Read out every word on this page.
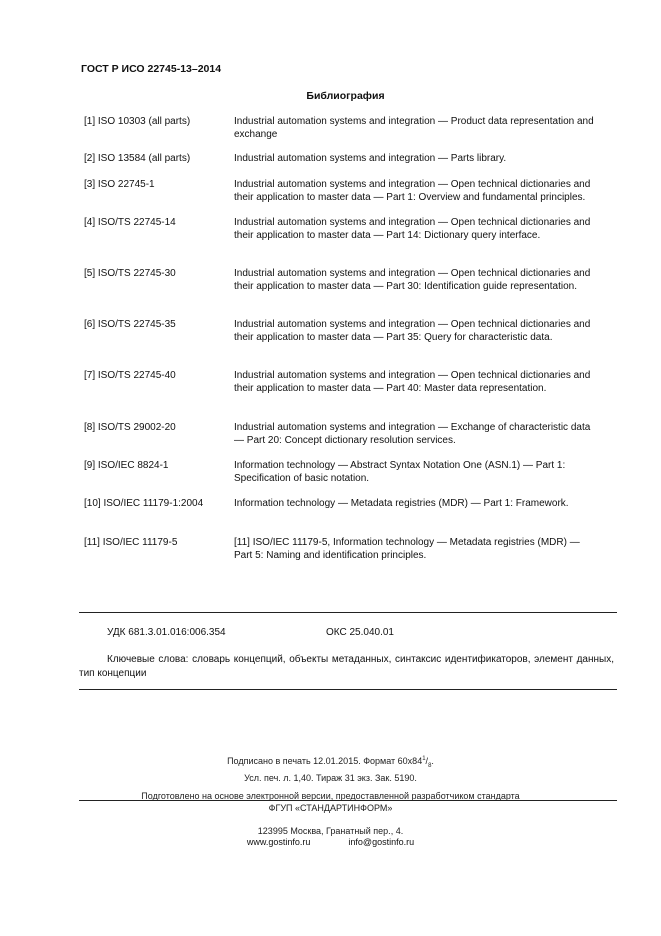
ГОСТ Р ИСО 22745-13–2014
Библиография
[1] ISO 10303 (all parts)	Industrial automation systems and integration — Product data representation and exchange
[2] ISO 13584 (all parts)	Industrial automation systems and integration — Parts library.
[3] ISO 22745-1	Industrial automation systems and integration — Open technical dictionaries and their application to master data — Part 1: Overview and fundamental principles.
[4] ISO/TS 22745-14	Industrial automation systems and integration — Open technical dictionaries and their application to master data — Part 14: Dictionary query interface.
[5] ISO/TS 22745-30	Industrial automation systems and integration — Open technical dictionaries and their application to master data — Part 30: Identification guide representation.
[6] ISO/TS 22745-35	Industrial automation systems and integration — Open technical dictionaries and their application to master data — Part 35: Query for characteristic data.
[7] ISO/TS 22745-40	Industrial automation systems and integration — Open technical dictionaries and their application to master data — Part 40: Master data representation.
[8] ISO/TS 29002-20	Industrial automation systems and integration — Exchange of characteristic data — Part 20: Concept dictionary resolution services.
[9] ISO/IEC 8824-1	Information technology — Abstract Syntax Notation One (ASN.1) — Part 1: Specification of basic notation.
[10] ISO/IEC 11179-1:2004	Information technology — Metadata registries (MDR) — Part 1: Framework.
[11] ISO/IEC 11179-5	[11] ISO/IEC 11179-5, Information technology — Metadata registries (MDR) — Part 5: Naming and identification principles.
УДК 681.3.01.016:006.354	ОКС 25.040.01
Ключевые слова: словарь концепций, объекты метаданных, синтаксис идентификаторов, элемент данных, тип концепции
Подписано в печать 12.01.2015. Формат $60х84^1/_8$.
Усл. печ. л. 1,40. Тираж 31 экз. Зак. 5190.
Подготовлено на основе электронной версии, предоставленной разработчиком стандарта
ФГУП «СТАНДАРТИНФОРМ»
123995 Москва, Гранатный пер., 4.
www.gostinfo.ru	info@gostinfo.ru
